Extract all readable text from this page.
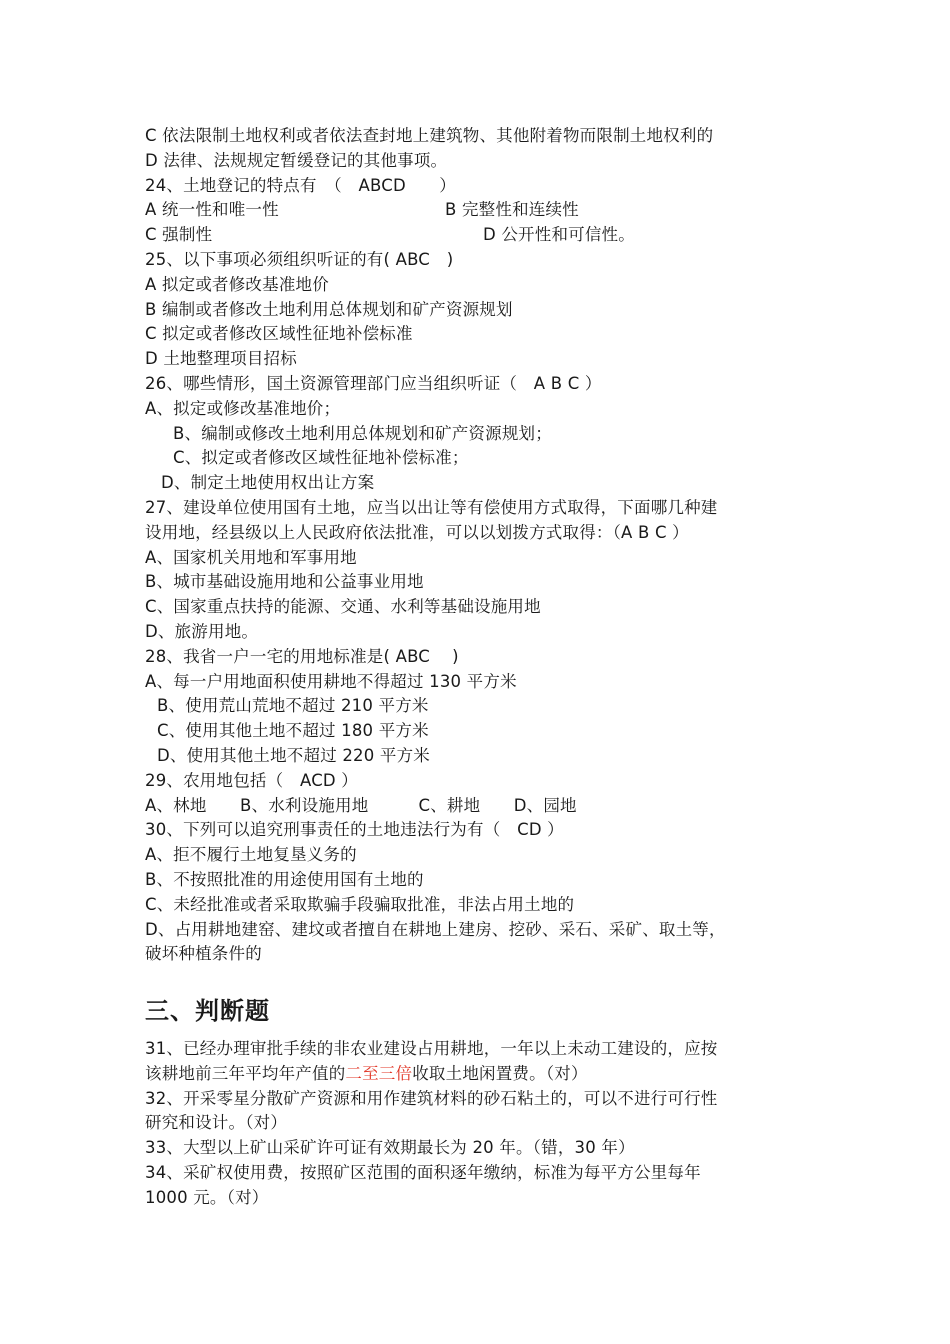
C 依法限制土地权利或者依法查封地上建筑物、其他附着物而限制土地权利的
D 法律、法规规定暂缓登记的其他事项。
24、土地登记的特点有　（　ABCD　　）
A 统一性和唯一性	B 完整性和连续性
C 强制性	D 公开性和可信性。
25、以下事项必须组织听证的有( ABC　)
A 拟定或者修改基准地价
B 编制或者修改土地利用总体规划和矿产资源规划
C 拟定或者修改区域性征地补偿标准
D 土地整理项目招标
26、哪些情形，国土资源管理部门应当组织听证（　A B C ）
A、拟定或修改基准地价；
B、编制或修改土地利用总体规划和矿产资源规划；
C、拟定或者修改区域性征地补偿标准；
D、制定土地使用权出让方案
27、建设单位使用国有土地，应当以出让等有偿使用方式取得，下面哪几种建
设用地，经县级以上人民政府依法批准，可以以划拨方式取得：（A B C ）
A、国家机关用地和军事用地
B、城市基础设施用地和公益事业用地
C、国家重点扶持的能源、交通、水利等基础设施用地
D、旅游用地。
28、我省一户一宅的用地标准是( ABC　 )
A、每一户用地面积使用耕地不得超过 130 平方米
B、使用荒山荒地不超过 210 平方米
C、使用其他土地不超过 180 平方米
D、使用其他土地不超过 220 平方米
29、农用地包括（　ACD ）
A、林地　　B、水利设施用地　　　C、耕地　　D、园地
30、下列可以追究刑事责任的土地违法行为有（　CD ）
A、拒不履行土地复垦义务的
B、不按照批准的用途使用国有土地的
C、未经批准或者采取欺骗手段骗取批准，非法占用土地的
D、占用耕地建窑、建坟或者擅自在耕地上建房、挖砂、采石、采矿、取土等，
破坏种植条件的
三、判断题
31、已经办理审批手续的非农业建设占用耕地，一年以上未动工建设的，应按
该耕地前三年平均年产值的二至三倍收取土地闲置费。（对）
32、开采零星分散矿产资源和用作建筑材料的砂石粘土的，可以不进行可行性
研究和设计。（对）
33、大型以上矿山采矿许可证有效期最长为 20 年。（错，30 年）
34、采矿权使用费，按照矿区范围的面积逐年缴纳，标准为每平方公里每年
1000 元。（对）
